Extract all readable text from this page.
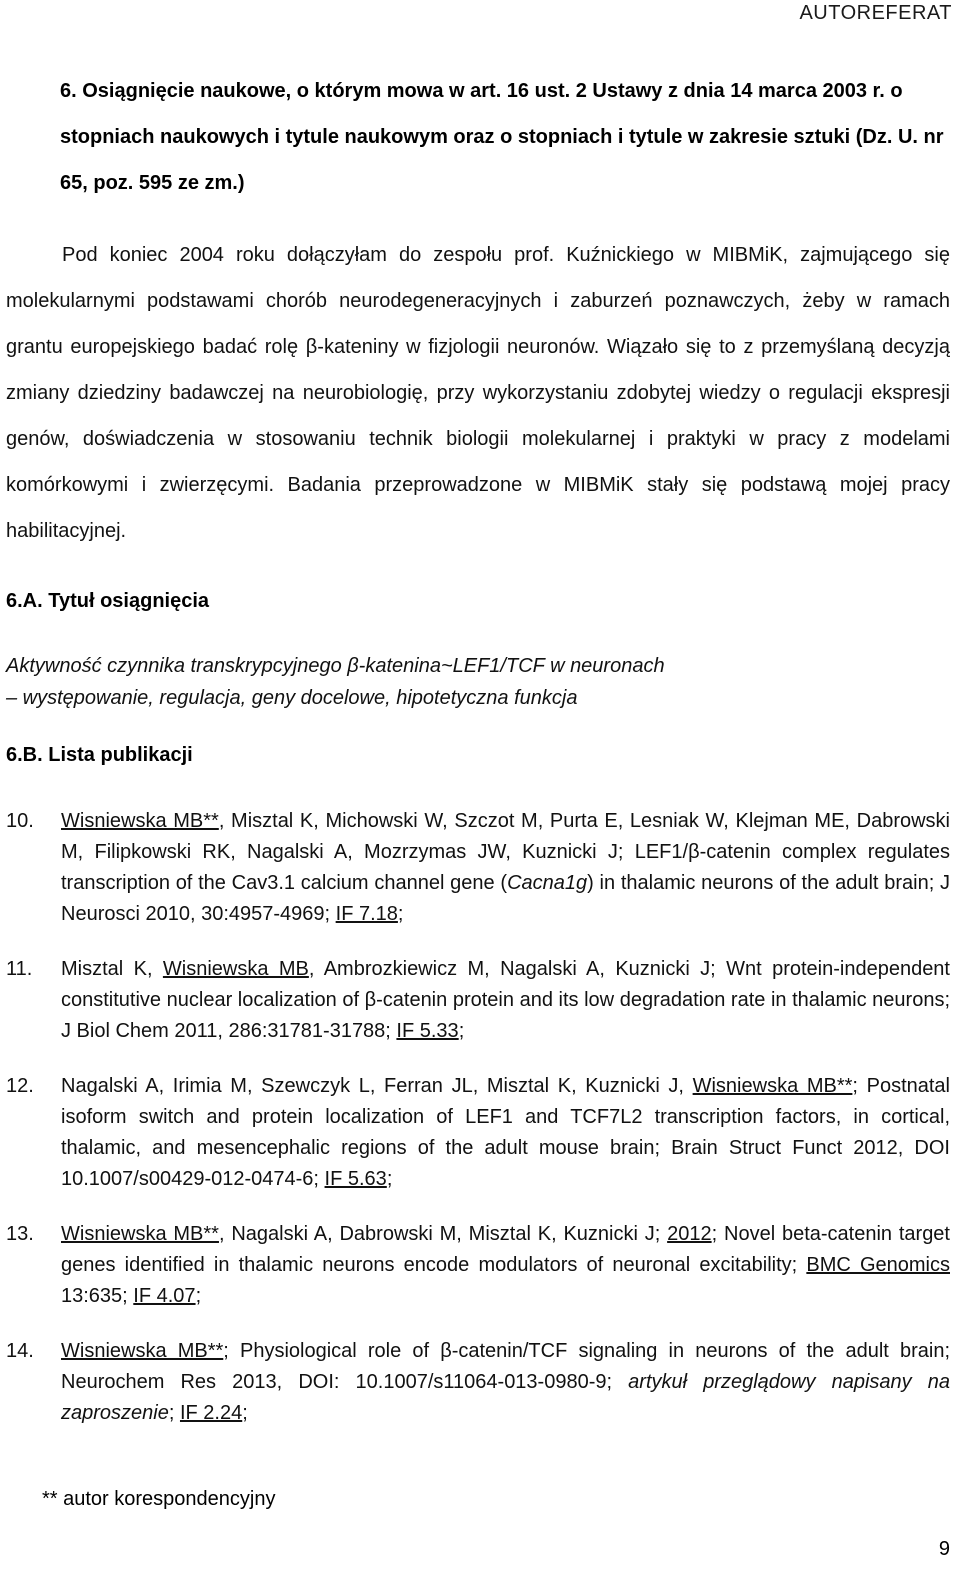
AUTOREFERAT
6. Osiągnięcie naukowe, o którym mowa w art. 16 ust. 2 Ustawy z dnia 14 marca 2003 r. o stopniach naukowych i tytule naukowym oraz o stopniach i tytule w zakresie sztuki (Dz. U. nr 65, poz. 595 ze zm.)
Pod koniec 2004 roku dołączyłam do zespołu prof. Kuźnickiego w MIBMiK, zajmującego się molekularnymi podstawami chorób neurodegeneracyjnych i zaburzeń poznawczych, żeby w ramach grantu europejskiego badać rolę β-kateniny w fizjologii neuronów. Wiązało się to z przemyślaną decyzją zmiany dziedziny badawczej na neurobiologię, przy wykorzystaniu zdobytej wiedzy o regulacji ekspresji genów, doświadczenia w stosowaniu technik biologii molekularnej i praktyki w pracy z modelami komórkowymi i zwierzęcymi. Badania przeprowadzone w MIBMiK stały się podstawą mojej pracy habilitacyjnej.
6.A. Tytuł osiągnięcia
Aktywność czynnika transkrypcyjnego β-katenina~LEF1/TCF w neuronach
– występowanie, regulacja, geny docelowe, hipotetyczna funkcja
6.B. Lista publikacji
10. Wisniewska MB**, Misztal K, Michowski W, Szczot M, Purta E, Lesniak W, Klejman ME, Dabrowski M, Filipkowski RK, Nagalski A, Mozrzymas JW, Kuznicki J; LEF1/β-catenin complex regulates transcription of the Cav3.1 calcium channel gene (Cacna1g) in thalamic neurons of the adult brain; J Neurosci 2010, 30:4957-4969; IF 7.18;
11. Misztal K, Wisniewska MB, Ambrozkiewicz M, Nagalski A, Kuznicki J; Wnt protein-independent constitutive nuclear localization of β-catenin protein and its low degradation rate in thalamic neurons; J Biol Chem 2011, 286:31781-31788; IF 5.33;
12. Nagalski A, Irimia M, Szewczyk L, Ferran JL, Misztal K, Kuznicki J, Wisniewska MB**; Postnatal isoform switch and protein localization of LEF1 and TCF7L2 transcription factors, in cortical, thalamic, and mesencephalic regions of the adult mouse brain; Brain Struct Funct 2012, DOI 10.1007/s00429-012-0474-6; IF 5.63;
13. Wisniewska MB**, Nagalski A, Dabrowski M, Misztal K, Kuznicki J; 2012; Novel beta-catenin target genes identified in thalamic neurons encode modulators of neuronal excitability; BMC Genomics 13:635; IF 4.07;
14. Wisniewska MB**; Physiological role of β-catenin/TCF signaling in neurons of the adult brain; Neurochem Res 2013, DOI: 10.1007/s11064-013-0980-9; artykuł przeglądowy napisany na zaproszenie; IF 2.24;
** autor korespondencyjny
9
